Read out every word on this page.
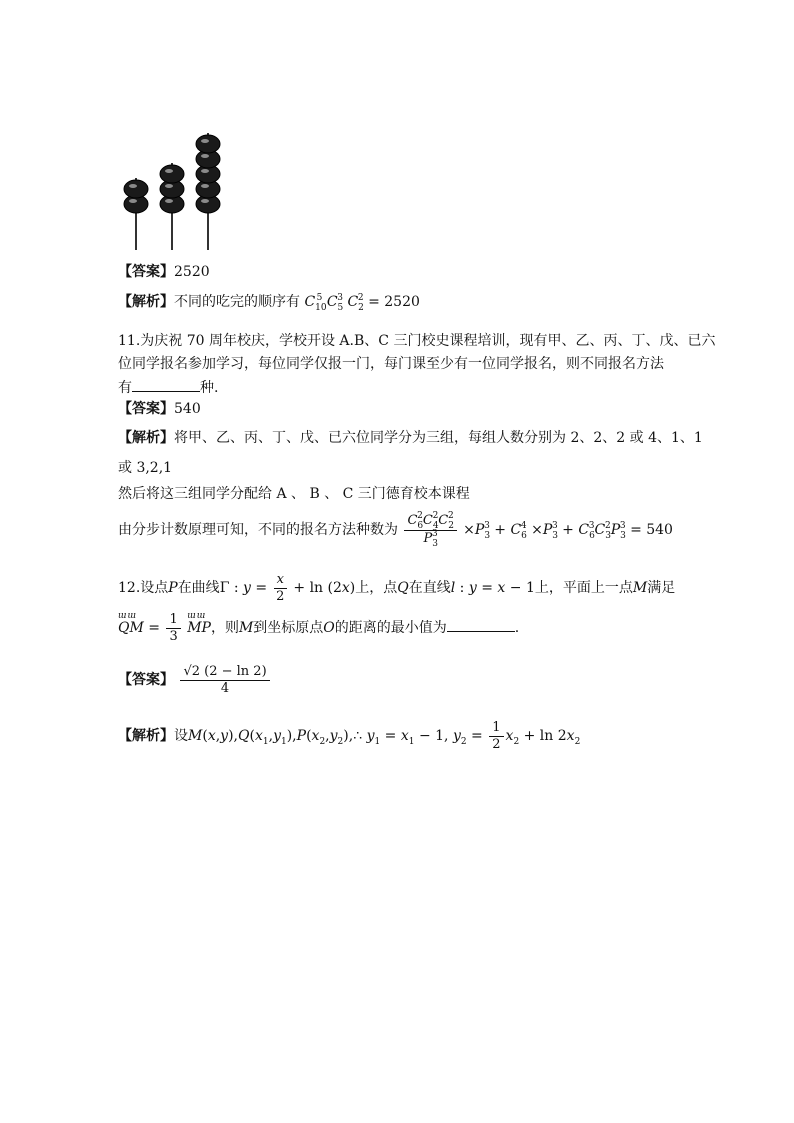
【答案】2520
【解析】不同的吃完的顺序有 $C_{10}^5$ $C_5^3$ $C_2^2 = 2520$
11.为庆祝 70 周年校庆，学校开设 A.B、C 三门校史课程培训，现有甲、乙、丙、丁、戊、已六
位同学报名参加学习，每位同学仅报一门，每门课至少有一位同学报名，则不同报名方法
有	种.
【答案】540
【解析】将甲、乙、丙、丁、戊、已六位同学分为三组，每组人数分别为 2、2、2 或 4、1、1
或 3,2,1
然后将这三组同学分配给 A 、 B 、 C 三门德育校本课程
由分步计数原理可知，不同的报名方法种数为 $\frac{C_6^2C_4^2C_2^2}{P_3^3} \times P_3^3 + C_6^4 \times P_3^3 + C_6^3C_3^2P_3^3 = 540$
12.设点P在曲线Γ : $y = \frac{x}{2} + \ln (2x)$上，点Q在直线l : y = x − 1上，平面上一点M满足
ɯɯ
QM = $\frac{1}{3}$
ɯɯ
MP，则M到坐标原点O的距离的最小值为	.
【答案】 $\frac{√2 (2 - \ln 2)}{4}$
【解析】设$M(x,y),Q(x_1,y_1),P(x_2,y_2),\therefore$ $y_1 = x_1 - 1$, $y_2 = \frac{1}{2} x_2 + \ln 2x_2$
